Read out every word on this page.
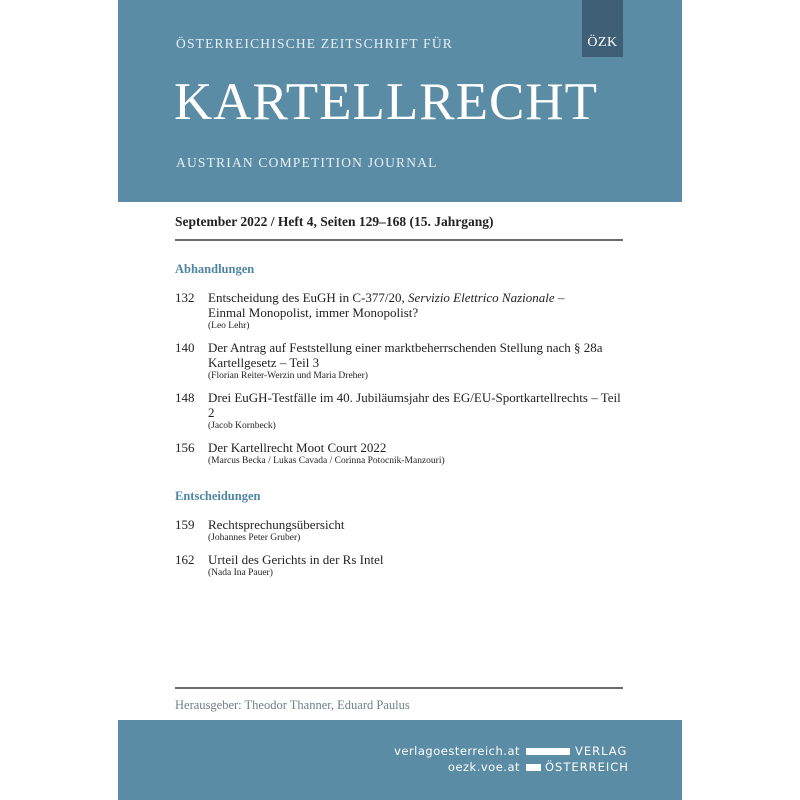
ÖZK
ÖSTERREICHISCHE ZEITSCHRIFT FÜR
KARTELLRECHT
AUSTRIAN COMPETITION JOURNAL
September 2022 / Heft 4, Seiten 129–168 (15. Jahrgang)
Abhandlungen
132 Entscheidung des EuGH in C-377/20, Servizio Elettrico Nazionale – Einmal Monopolist, immer Monopolist?
(Leo Lehr)
140 Der Antrag auf Feststellung einer marktbeherrschenden Stellung nach § 28a Kartellgesetz – Teil 3
(Florian Reiter-Werzin und Maria Dreher)
148 Drei EuGH-Testfälle im 40. Jubiläumsjahr des EG/EU-Sportkartellrechts – Teil 2
(Jacob Kornbeck)
156 Der Kartellrecht Moot Court 2022
(Marcus Becka / Lukas Cavada / Corinna Potocnik-Manzouri)
Entscheidungen
159 Rechtsprechungsübersicht
(Johannes Peter Gruber)
162 Urteil des Gerichts in der Rs Intel
(Nada Ina Pauer)
Herausgeber: Theodor Thanner, Eduard Paulus
verlagoesterreich.at
oezk.voe.at
VERLAG
ÖSTERREICH
